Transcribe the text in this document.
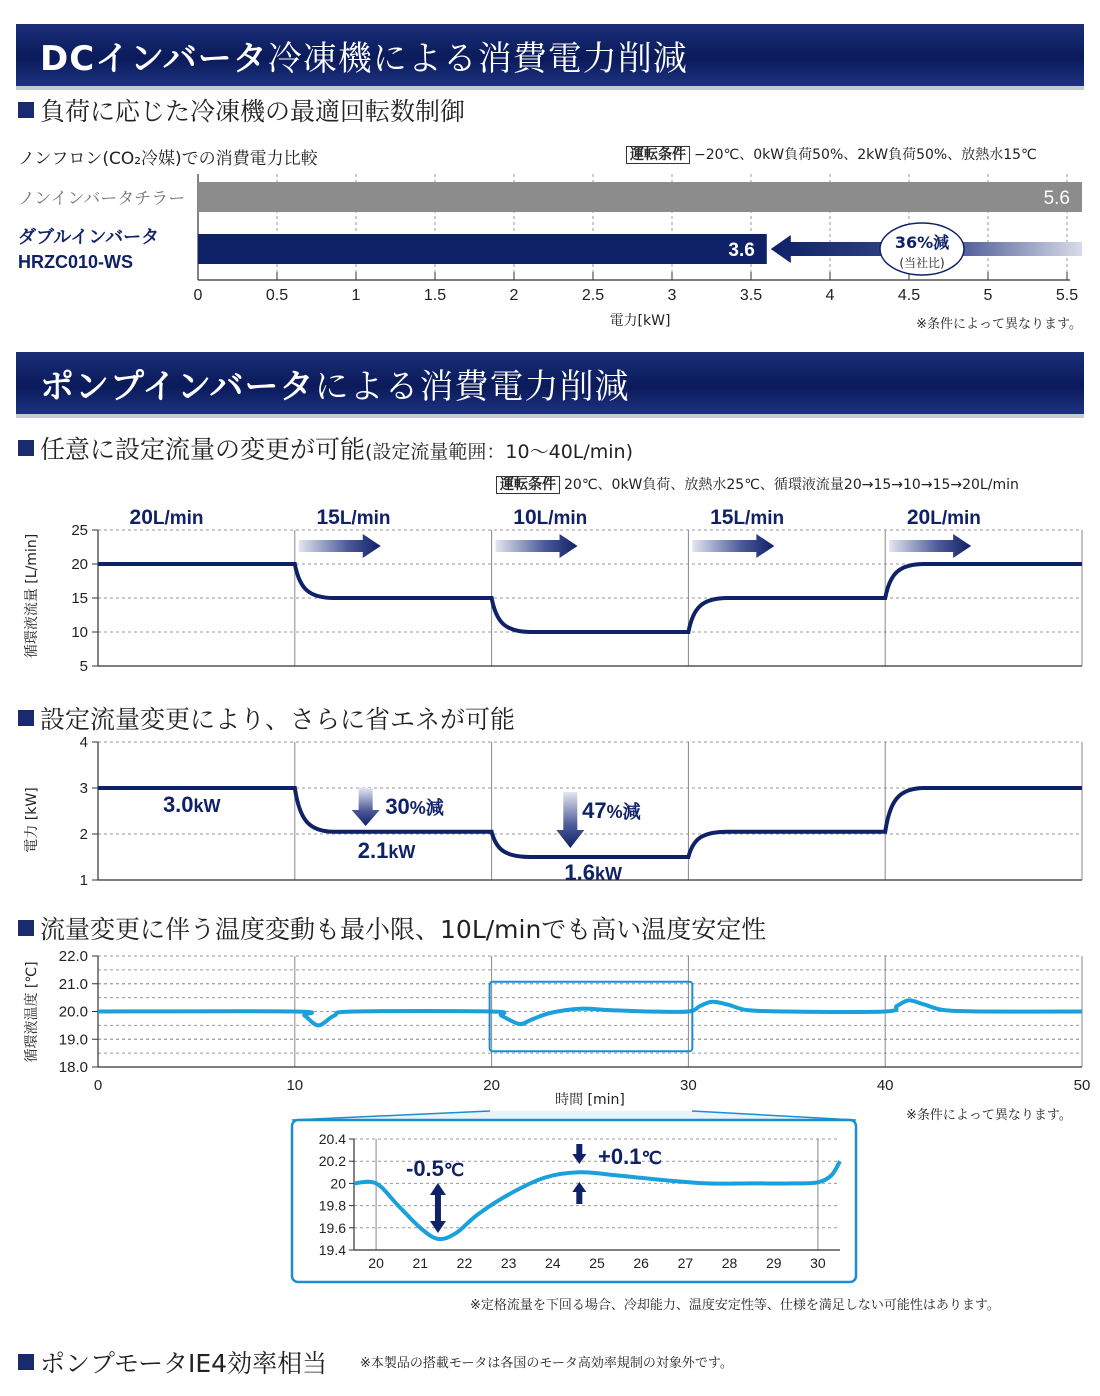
DCインバータ冷凍機による消費電力削減
負荷に応じた冷凍機の最適回転数制御
運転条件 −20℃、0kW負荷50%、2kW負荷50%、放熱水15℃
ノンフロン(CO₂冷媒)での消費電力比較
0	0.5	1	1.5	2	2.5	3	3.5	4	4.5	5	5.5
5.6
ノンインバータチラー
3.6
ダブルインバータ
HRZC010-WS
36%減
(当社比)
電力[kW]	※条件によって異なります。
ポンプインバータによる消費電力削減
任意に設定流量の変更が可能(設定流量範囲：10〜40L/min)
運転条件 20℃、0kW負荷、放熱水25℃、循環液流量20→15→10→15→20L/min
25
20
15
10
5
循環液流量 [L/min]
20L/min	15L/min	10L/min	15L/min	20L/min
設定流量変更により、さらに省エネが可能
4
3
2
1
電力 [kW]	3.0kW
2.1kW
1.6kW
30%減	47%減
流量変更に伴う温度変動も最小限、10L/minでも高い温度安定性
22.0
21.0
20.0
19.0
18.0
0	10	20	30	40	50
時間 [min]
循環液温度 [℃]
※条件によって異なります。
20.4
20.2
20
19.8
19.6
19.4
20 21 22 23 24 25 26 27 28 29 30
-0.5℃
+0.1℃
※定格流量を下回る場合、冷却能力、温度安定性等、仕様を満足しない可能性はあります。
ポンプモータIE4効率相当	※本製品の搭載モータは各国のモータ高効率規制の対象外です。
